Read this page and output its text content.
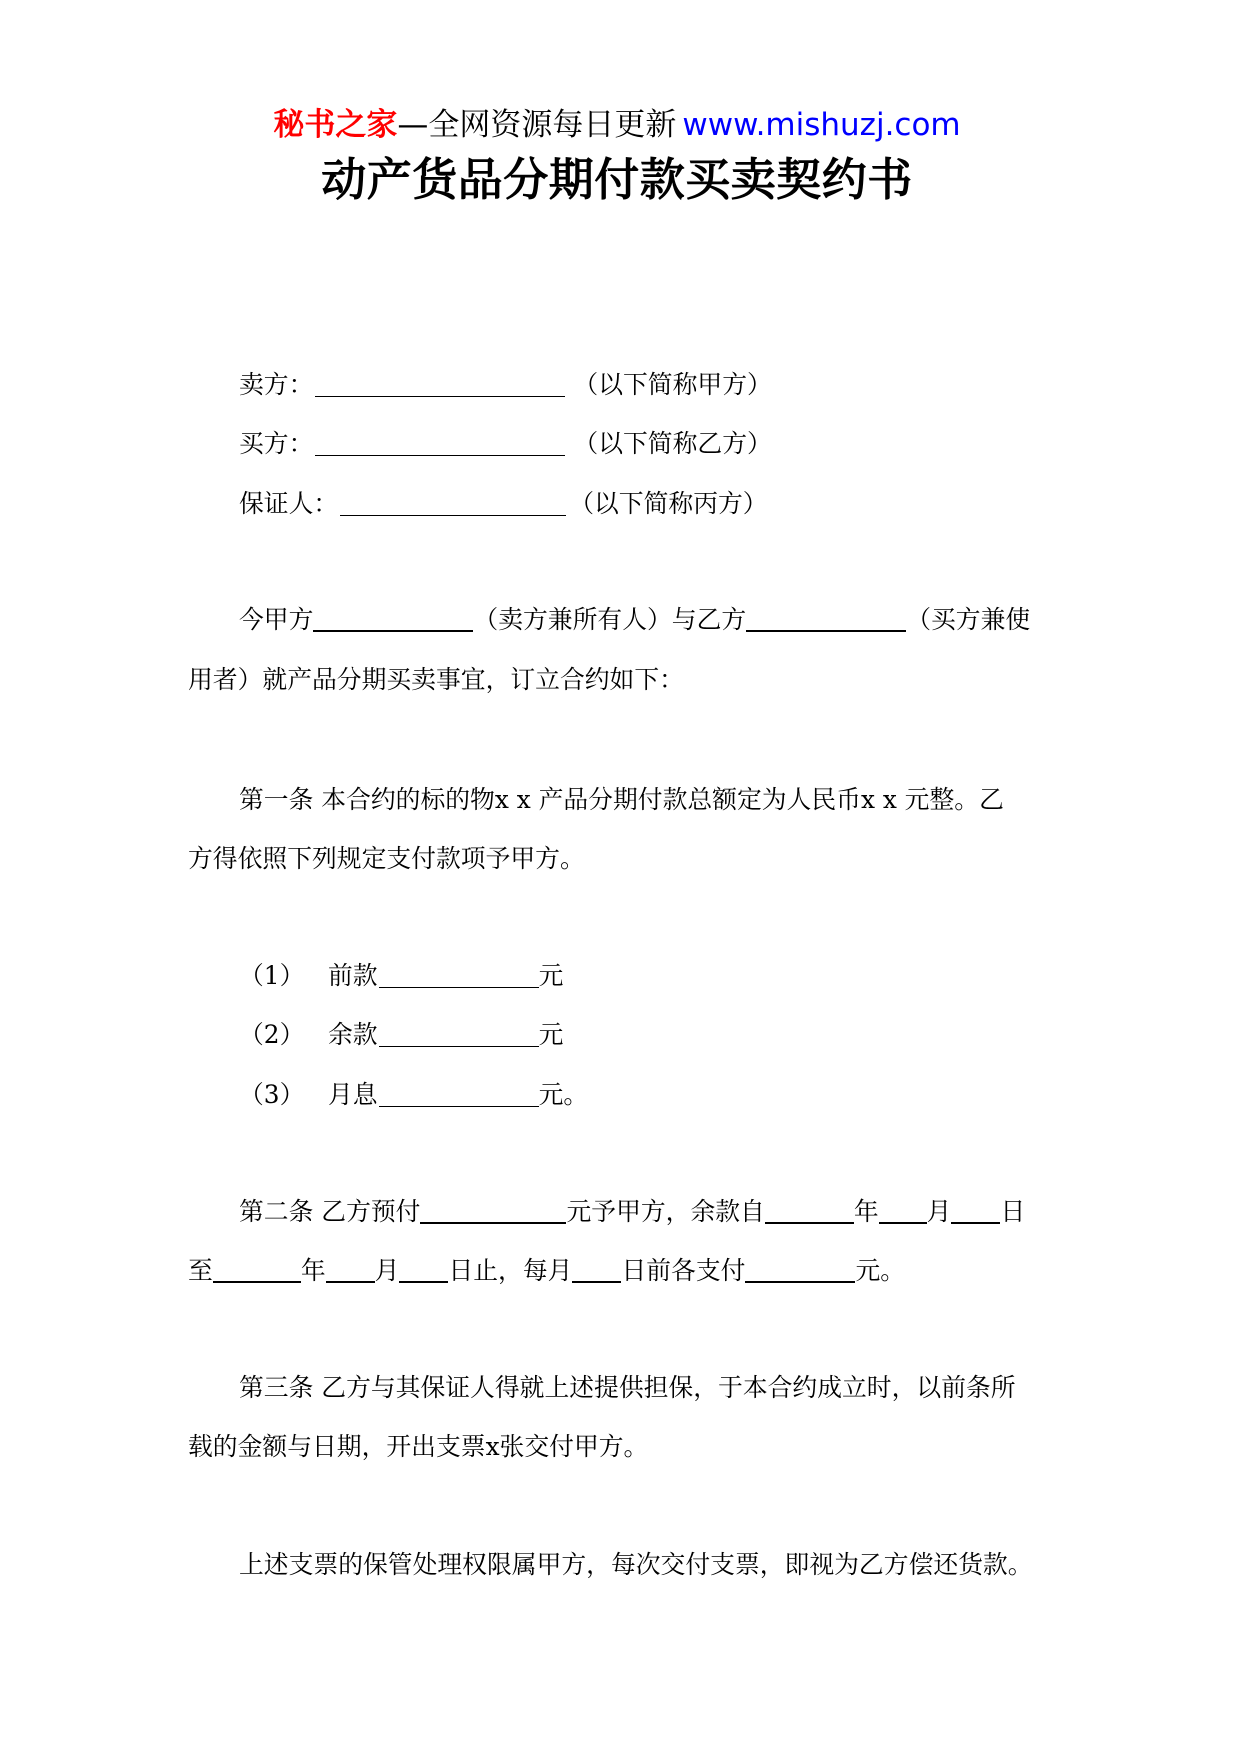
秘书之家—全网资源每日更新 www.mishuzj.com
动产货品分期付款买卖契约书
卖方：	（以下简称甲方）
买方：	（以下简称乙方）
保证人：	（以下简称丙方）
今甲方	（卖方兼所有人）与乙方	（买方兼使
用者）就产品分期买卖事宜，订立合约如下：
第一条 本合约的标的物x x 产品分期付款总额定为人民币x x 元整。乙
方得依照下列规定支付款项予甲方。
（1） 前款	元
（2） 余款	元
（3） 月息	元。
第二条 乙方预付	元予甲方，余款自	年 月 日
至	年 月 日止，每月 日前各支付	元。
第三条 乙方与其保证人得就上述提供担保，于本合约成立时，以前条所
载的金额与日期，开出支票x张交付甲方。
上述支票的保管处理权限属甲方，每次交付支票，即视为乙方偿还货款。
